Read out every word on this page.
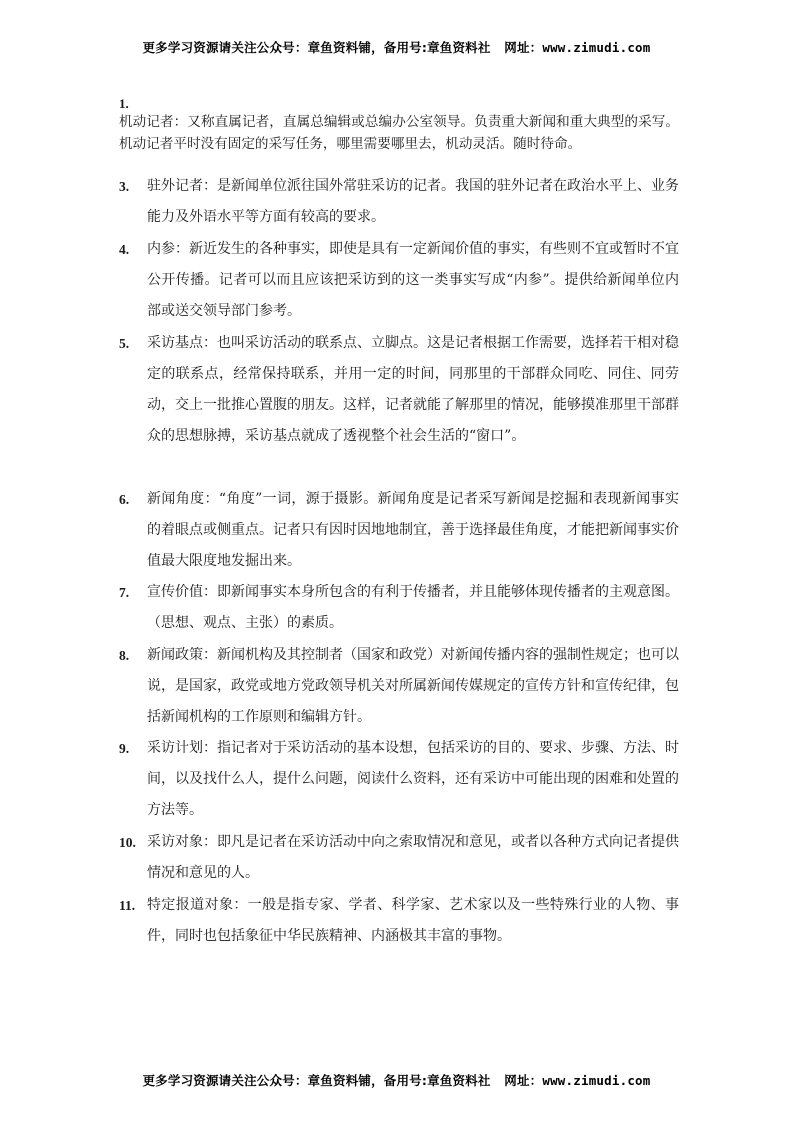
更多学习资源请关注公众号：章鱼资料铺，备用号:章鱼资料社 网址：www.zimudi.com
1.
机动记者：又称直属记者，直属总编辑或总编办公室领导。负责重大新闻和重大典型的采写。机动记者平时没有固定的采写任务，哪里需要哪里去，机动灵活。随时待命。
3.	驻外记者：是新闻单位派往国外常驻采访的记者。我国的驻外记者在政治水平上、业务能力及外语水平等方面有较高的要求。
4.	内参：新近发生的各种事实，即使是具有一定新闻价值的事实，有些则不宜或暂时不宜公开传播。记者可以而且应该把采访到的这一类事实写成“内参”。提供给新闻单位内部或送交领导部门参考。
5.	采访基点：也叫采访活动的联系点、立脚点。这是记者根据工作需要，选择若干相对稳定的联系点，经常保持联系，并用一定的时间，同那里的干部群众同吃、同住、同劳动，交上一批推心置腹的朋友。这样，记者就能了解那里的情况，能够摸准那里干部群众的思想脉搏，采访基点就成了透视整个社会生活的“窗口”。
6.	新闻角度：“角度”一词，源于摄影。新闻角度是记者采写新闻是挖掘和表现新闻事实的着眼点或侧重点。记者只有因时因地地制宜，善于选择最佳角度，才能把新闻事实价值最大限度地发掘出来。
7.	宣传价值：即新闻事实本身所包含的有利于传播者，并且能够体现传播者的主观意图。（思想、观点、主张）的素质。
8.	新闻政策：新闻机构及其控制者（国家和政党）对新闻传播内容的强制性规定；也可以说，是国家，政党或地方党政领导机关对所属新闻传媒规定的宣传方针和宣传纪律，包括新闻机构的工作原则和编辑方针。
9.	采访计划：指记者对于采访活动的基本设想，包括采访的目的、要求、步骤、方法、时间，以及找什么人，提什么问题，阅读什么资料，还有采访中可能出现的困难和处置的方法等。
10. 采访对象：即凡是记者在采访活动中向之索取情况和意见，或者以各种方式向记者提供情况和意见的人。
11. 特定报道对象：一般是指专家、学者、科学家、艺术家以及一些特殊行业的人物、事件，同时也包括象征中华民族精神、内涵极其丰富的事物。
更多学习资源请关注公众号：章鱼资料铺，备用号:章鱼资料社 网址：www.zimudi.com
